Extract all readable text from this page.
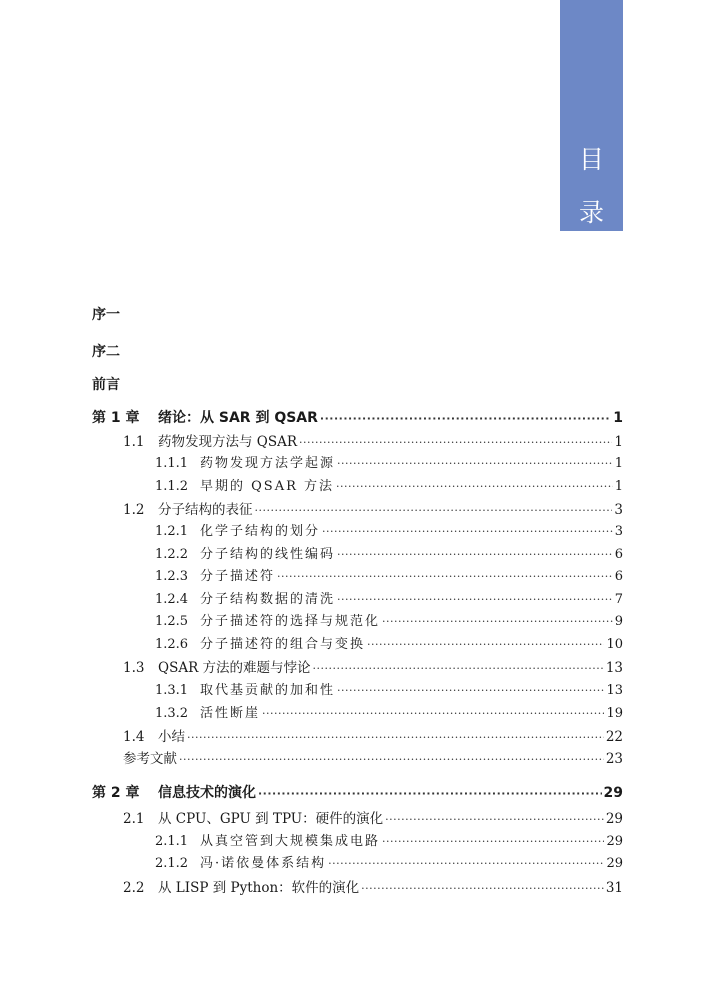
目
录
序一
序二
前言
第 1 章	绪论：从 SAR 到 QSAR ·····	1
1.1	药物发现方法与 QSAR ·····	1
1.1.1 药物发现方法学起源 ·····	1
1.1.2 早期的 QSAR 方法 ·····	1
1.2	分子结构的表征 ·····	3
1.2.1 化学子结构的划分 ·····	3
1.2.2 分子结构的线性编码 ·····	6
1.2.3 分子描述符 ·····	6
1.2.4 分子结构数据的清洗 ·····	7
1.2.5 分子描述符的选择与规范化 ·····	9
1.2.6 分子描述符的组合与变换 ·····	10
1.3	QSAR 方法的难题与悖论 ·····	13
1.3.1 取代基贡献的加和性 ·····	13
1.3.2 活性断崖 ·····	19
1.4	小结 ·····	22
参考文献 ·····	23
第 2 章	信息技术的演化 ·····	29
2.1	从 CPU、GPU 到 TPU：硬件的演化 ·····	29
2.1.1 从真空管到大规模集成电路 ·····	29
2.1.2 冯·诺依曼体系结构 ·····	29
2.2	从 LISP 到 Python：软件的演化 ·····	31
